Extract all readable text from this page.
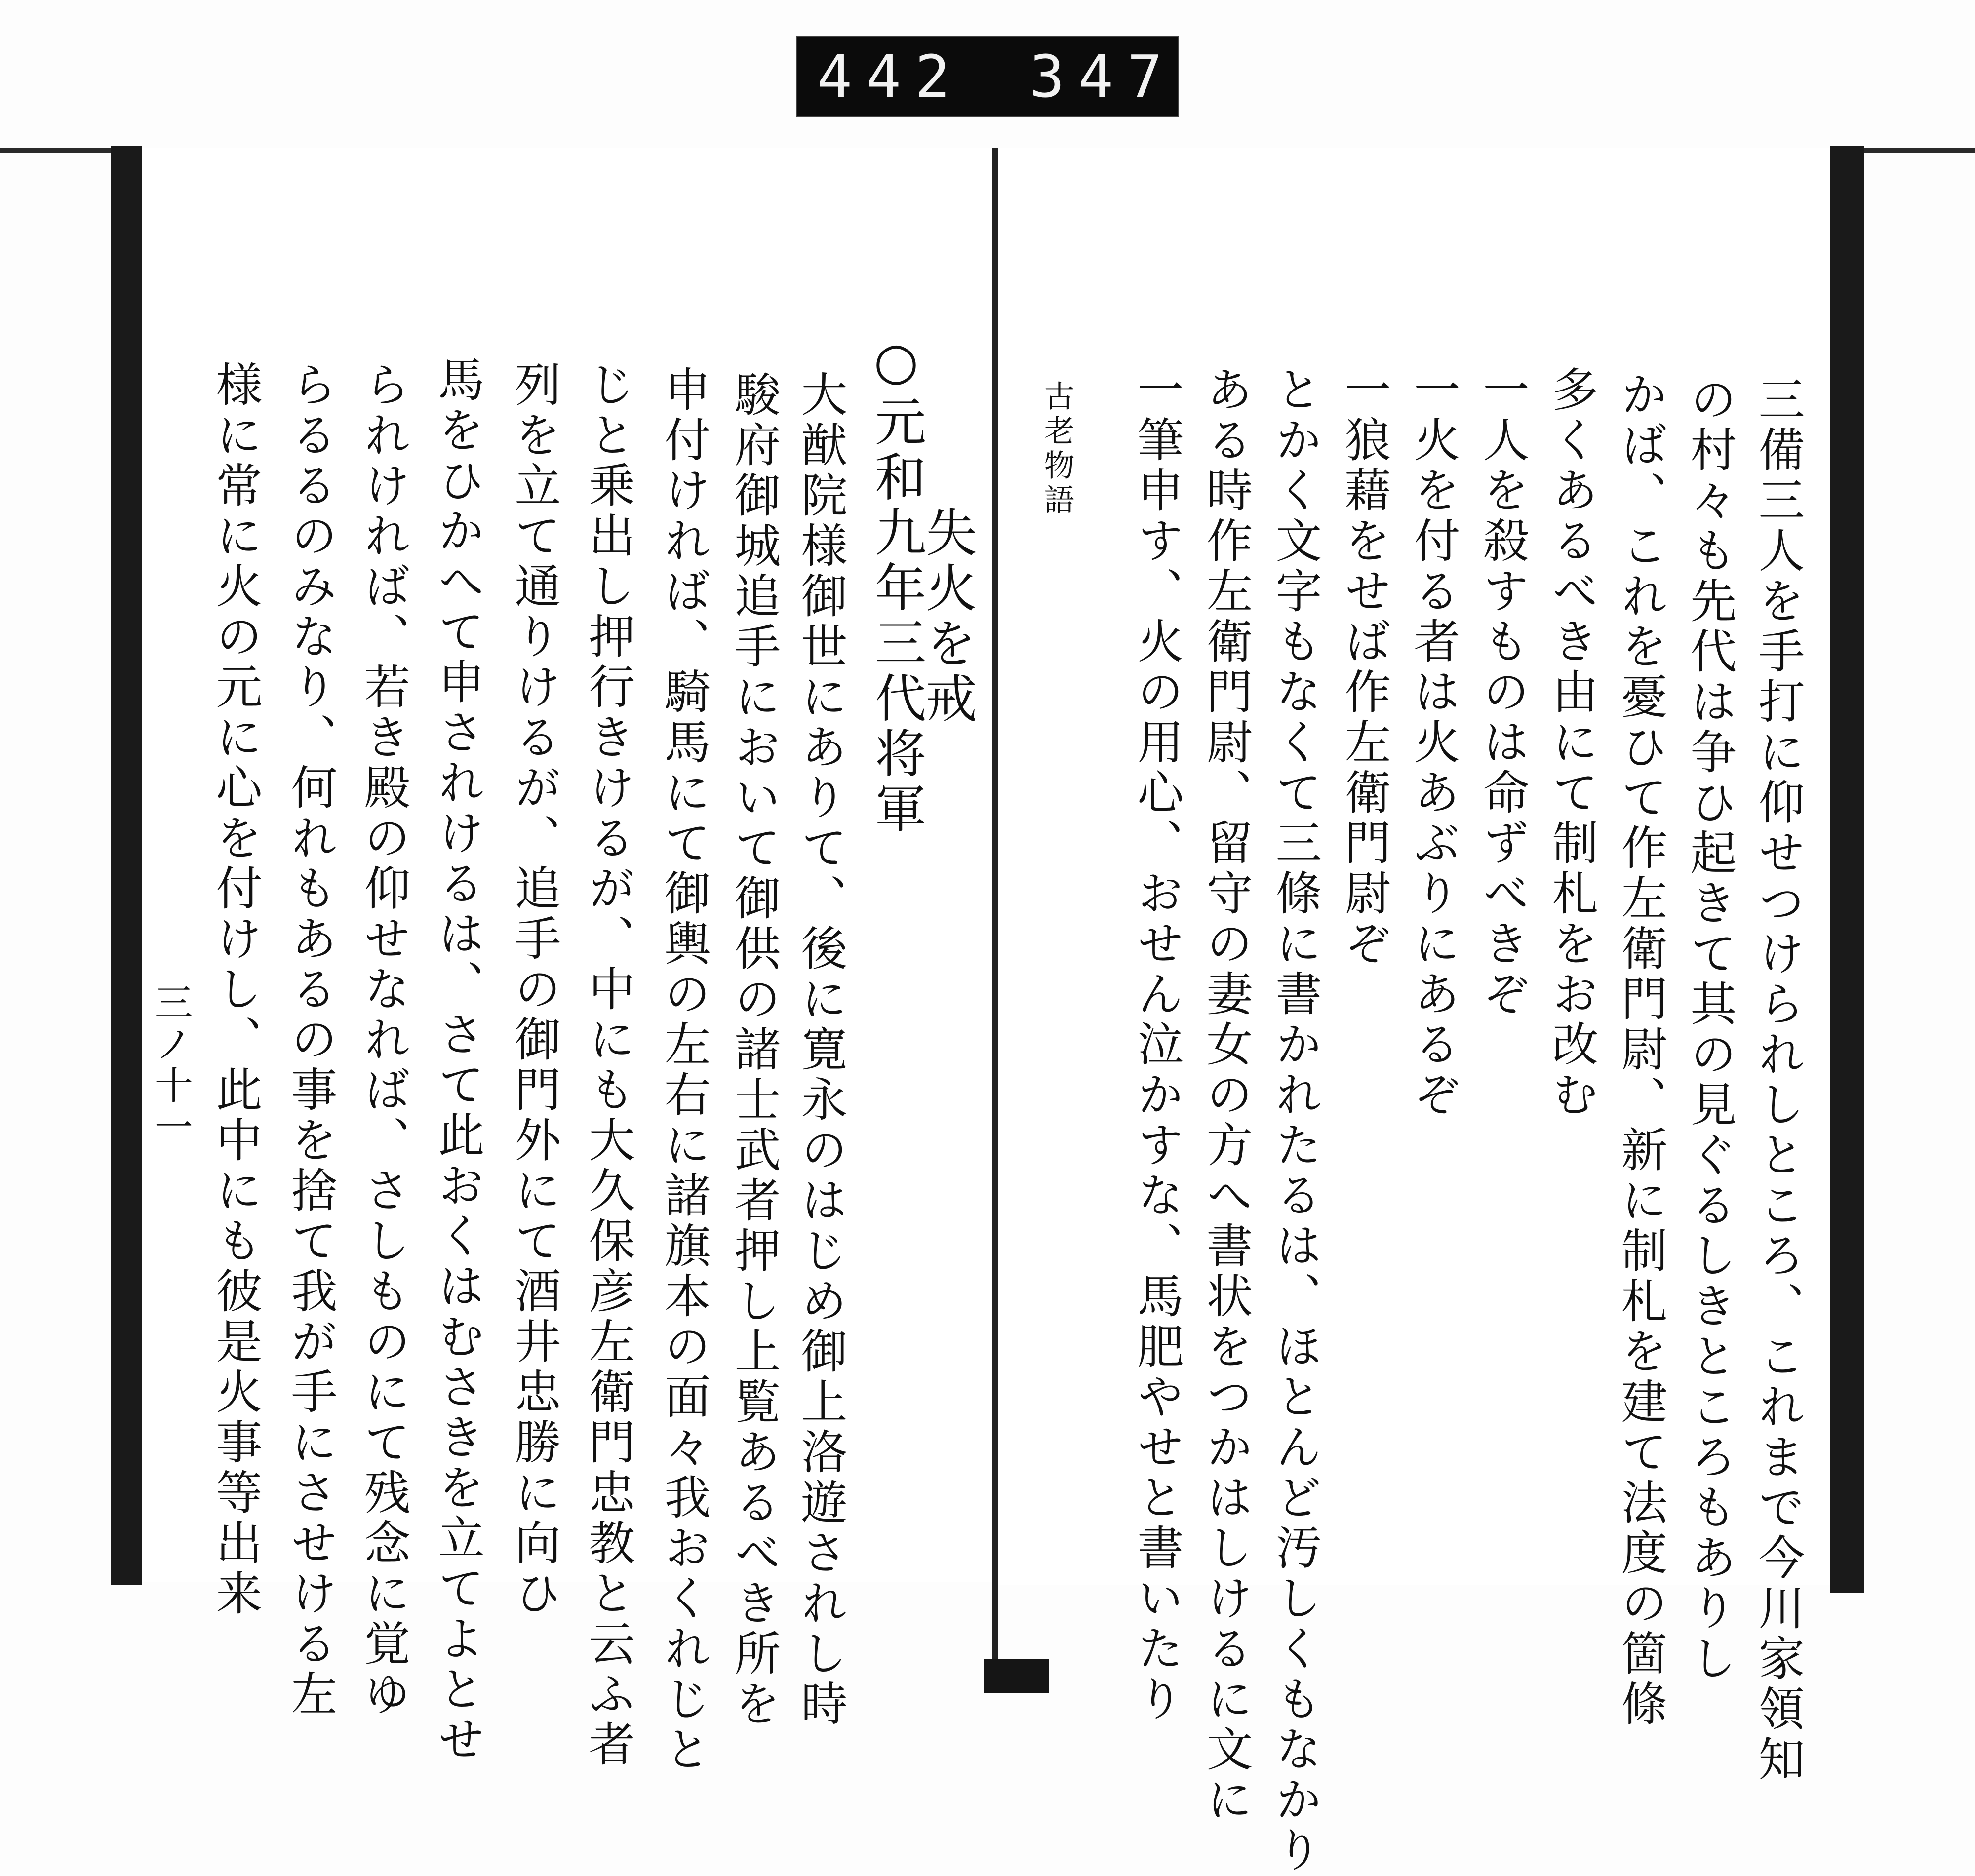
442 347
○元和九年三代将軍
失火を戒
大猷院様御世にありて、後に寛永のはじめ御上洛遊されし時
駿府御城追手において御供の諸士武者押し上覧あるべき所を
申付ければ、騎馬にて御輿の左右に諸旗本の面々我おくれじと
じと乗出し押行きけるが、中にも大久保彦左衛門忠教と云ふ者
列を立て通りけるが、追手の御門外にて酒井忠勝に向ひ
馬をひかへて申されけるは、さて此おくはむさきを立てよとせ
られければ、若き殿の仰せなれば、さしものにて残念に覚ゆ
らるるのみなり、何れもあるの事を捨て我が手にさせける左
様に常に火の元に心を付けし、此中にも彼是火事等出来
三ノ十一	三備三人を手打に仰せつけられしところ、これまで今川家領知
の村々も先代は争ひ起きて其の見ぐるしきところもありし
かば、これを憂ひて作左衛門尉、新に制札を建て法度の箇條
多くあるべき由にて制札をお改む
一人を殺すものは命ずべきぞ
一火を付る者は火あぶりにあるぞ
一狼藉をせば作左衛門尉ぞ
とかく文字もなくて三條に書かれたるは、ほとんど汚しくもなかり
ある時作左衛門尉、留守の妻女の方へ書状をつかはしけるに文に
一筆申す、火の用心、おせん泣かすな、馬肥やせと書いたり
古老物語
